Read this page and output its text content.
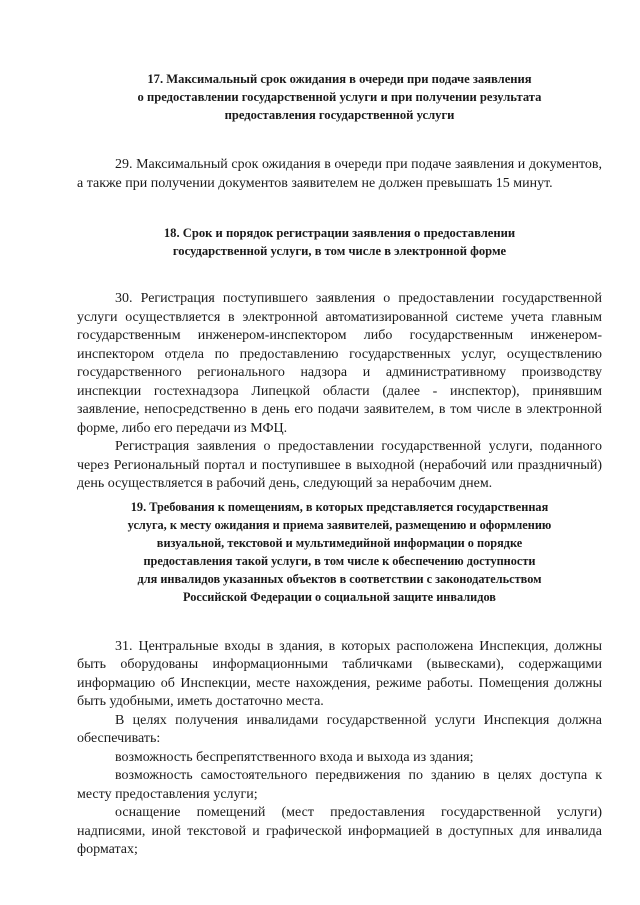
17. Максимальный срок ожидания в очереди при подаче заявления
о предоставлении государственной услуги и при получении результата
предоставления государственной услуги

29. Максимальный срок ожидания в очереди при подаче заявления и документов, а также при получении документов заявителем не должен превышать 15 минут.

18. Срок и порядок регистрации заявления о предоставлении
государственной услуги, в том числе в электронной форме

30. Регистрация поступившего заявления о предоставлении государственной услуги осуществляется в электронной автоматизированной системе учета главным государственным инженером-инспектором либо государственным инженером-инспектором отдела по предоставлению государственных услуг, осуществлению государственного регионального надзора и административному производству инспекции гостехнадзора Липецкой области (далее - инспектор), принявшим заявление, непосредственно в день его подачи заявителем, в том числе в электронной форме, либо его передачи из МФЦ.

Регистрация заявления о предоставлении государственной услуги, поданного через Региональный портал и поступившее в выходной (нерабочий или праздничный) день осуществляется в рабочий день, следующий за нерабочим днем.

19. Требования к помещениям, в которых представляется государственная
услуга, к месту ожидания и приема заявителей, размещению и оформлению
визуальной, текстовой и мультимедийной информации о порядке
предоставления такой услуги, в том числе к обеспечению доступности
для инвалидов указанных объектов в соответствии с законодательством
Российской Федерации о социальной защите инвалидов

31. Центральные входы в здания, в которых расположена Инспекция, должны быть оборудованы информационными табличками (вывесками), содержащими информацию об Инспекции, месте нахождения, режиме работы. Помещения должны быть удобными, иметь достаточно места.

В целях получения инвалидами государственной услуги Инспекция должна обеспечивать:

возможность беспрепятственного входа и выхода из здания;

возможность самостоятельного передвижения по зданию в целях доступа к месту предоставления услуги;

оснащение помещений (мест предоставления государственной услуги) надписями, иной текстовой и графической информацией в доступных для инвалида форматах;
